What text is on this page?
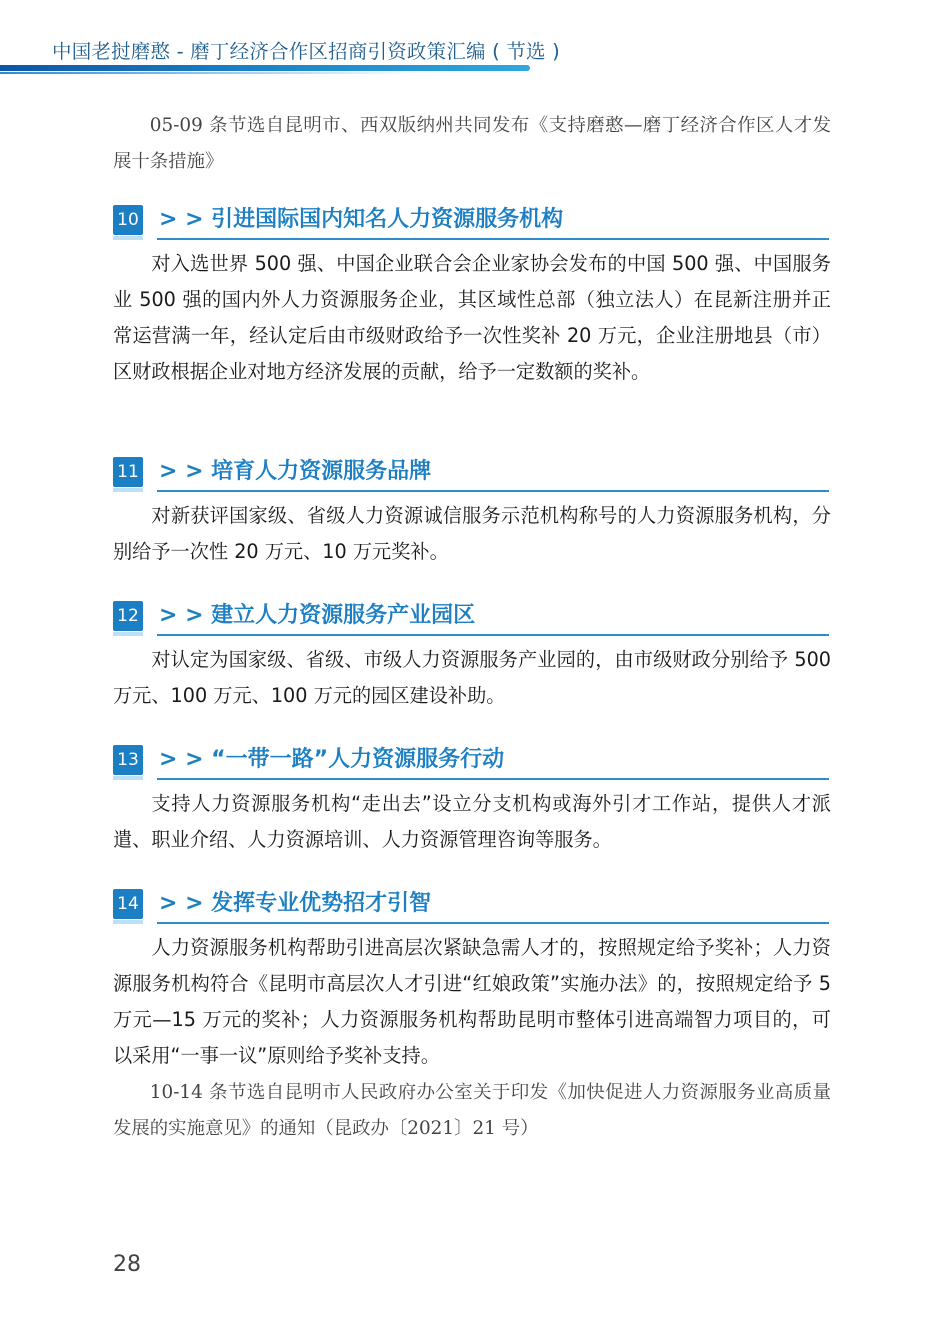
中国老挝磨憨 - 磨丁经济合作区招商引资政策汇编 ( 节选 )

05-09 条节选自昆明市、西双版纳州共同发布《支持磨憨—磨丁经济合作区人才发展十条措施》

10 > > 引进国际国内知名人力资源服务机构

对入选世界 500 强、中国企业联合会企业家协会发布的中国 500 强、中国服务业 500 强的国内外人力资源服务企业，其区域性总部（独立法人）在昆新注册并正常运营满一年，经认定后由市级财政给予一次性奖补 20 万元，企业注册地县（市）区财政根据企业对地方经济发展的贡献，给予一定数额的奖补。

11 > > 培育人力资源服务品牌

对新获评国家级、省级人力资源诚信服务示范机构称号的人力资源服务机构，分别给予一次性 20 万元、10 万元奖补。

12 > > 建立人力资源服务产业园区

对认定为国家级、省级、市级人力资源服务产业园的，由市级财政分别给予 500 万元、100 万元、100 万元的园区建设补助。

13 > > “一带一路”人力资源服务行动

支持人力资源服务机构“走出去”设立分支机构或海外引才工作站，提供人才派遣、职业介绍、人力资源培训、人力资源管理咨询等服务。

14 > > 发挥专业优势招才引智

人力资源服务机构帮助引进高层次紧缺急需人才的，按照规定给予奖补；人力资源服务机构符合《昆明市高层次人才引进“红娘政策”实施办法》的，按照规定给予 5 万元—15 万元的奖补；人力资源服务机构帮助昆明市整体引进高端智力项目的，可以采用“一事一议”原则给予奖补支持。

10-14 条节选自昆明市人民政府办公室关于印发《加快促进人力资源服务业高质量发展的实施意见》的通知（昆政办〔2021〕21 号）

28
